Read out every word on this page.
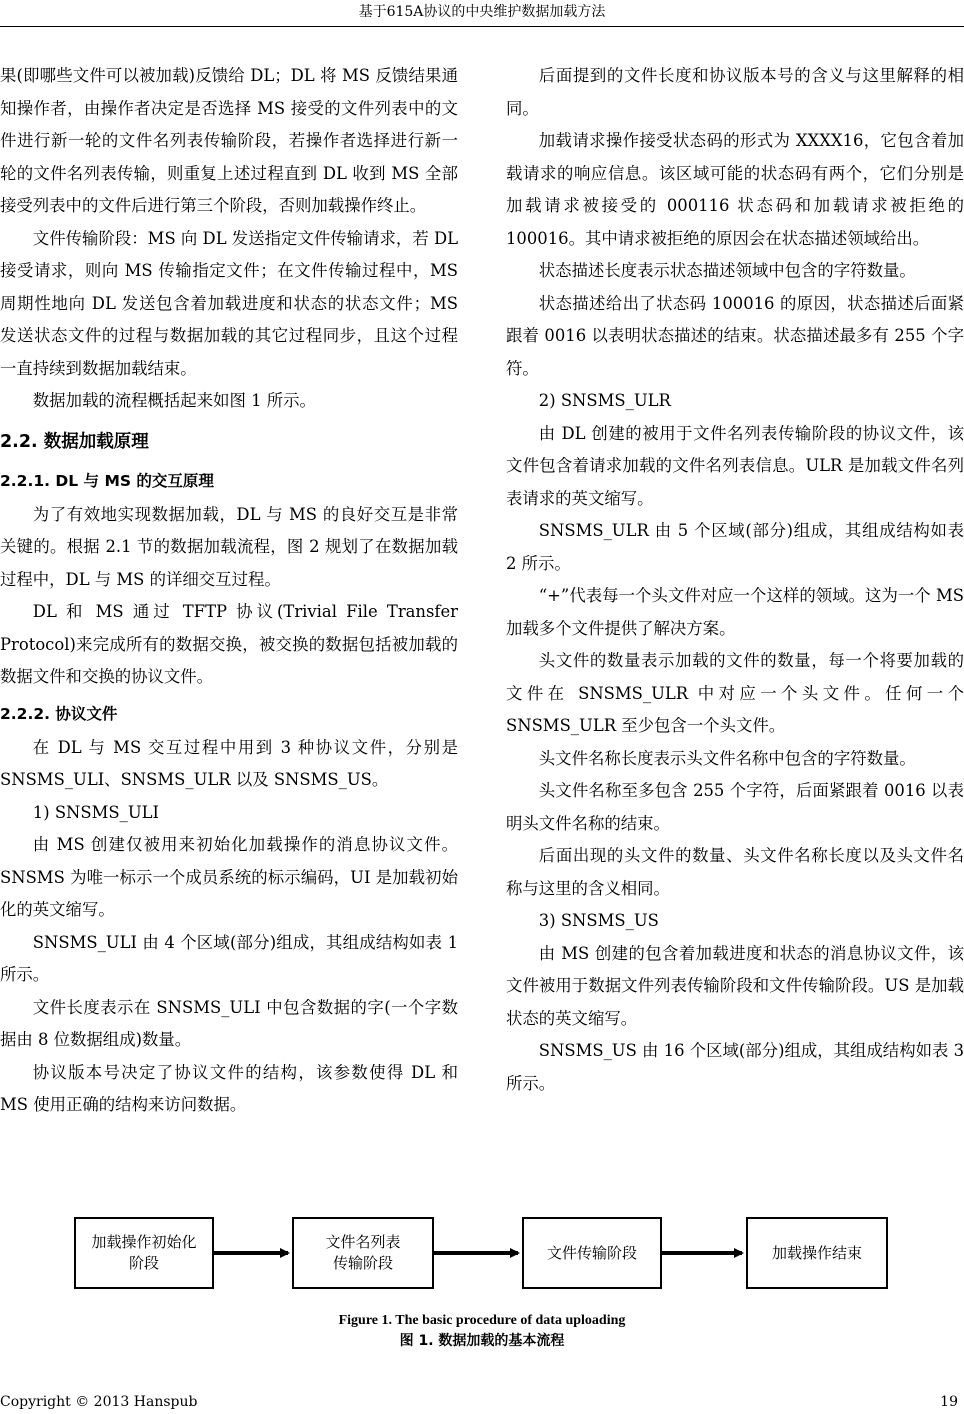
基于615A协议的中央维护数据加载方法

果(即哪些文件可以被加载)反馈给 DL；DL 将 MS 反馈结果通知操作者，由操作者决定是否选择 MS 接受的文件列表中的文件进行新一轮的文件名列表传输阶段，若操作者选择进行新一轮的文件名列表传输，则重复上述过程直到 DL 收到 MS 全部接受列表中的文件后进行第三个阶段，否则加载操作终止。

文件传输阶段：MS 向 DL 发送指定文件传输请求，若 DL 接受请求，则向 MS 传输指定文件；在文件传输过程中，MS 周期性地向 DL 发送包含着加载进度和状态的状态文件；MS 发送状态文件的过程与数据加载的其它过程同步，且这个过程一直持续到数据加载结束。

数据加载的流程概括起来如图 1 所示。

2.2. 数据加载原理
2.2.1. DL 与 MS 的交互原理

为了有效地实现数据加载，DL 与 MS 的良好交互是非常关键的。根据 2.1 节的数据加载流程，图 2 规划了在数据加载过程中，DL 与 MS 的详细交互过程。

DL 和 MS 通过 TFTP 协议(Trivial File Transfer Protocol)来完成所有的数据交换，被交换的数据包括被加载的数据文件和交换的协议文件。

2.2.2. 协议文件

在 DL 与 MS 交互过程中用到 3 种协议文件，分别是 SNSMS_ULI、SNSMS_ULR 以及 SNSMS_US。

1) SNSMS_ULI

由 MS 创建仅被用来初始化加载操作的消息协议文件。SNSMS 为唯一标示一个成员系统的标示编码，UI 是加载初始化的英文缩写。

SNSMS_ULI 由 4 个区域(部分)组成，其组成结构如表 1 所示。

文件长度表示在 SNSMS_ULI 中包含数据的字(一个字数据由 8 位数据组成)数量。

协议版本号决定了协议文件的结构，该参数使得 DL 和 MS 使用正确的结构来访问数据。

后面提到的文件长度和协议版本号的含义与这里解释的相同。

加载请求操作接受状态码的形式为 XXXX16，它包含着加载请求的响应信息。该区域可能的状态码有两个，它们分别是加载请求被接受的 000116 状态码和加载请求被拒绝的 100016。其中请求被拒绝的原因会在状态描述领域给出。

状态描述长度表示状态描述领域中包含的字符数量。

状态描述给出了状态码 100016 的原因，状态描述后面紧跟着 0016 以表明状态描述的结束。状态描述最多有 255 个字符。

2) SNSMS_ULR

由 DL 创建的被用于文件名列表传输阶段的协议文件，该文件包含着请求加载的文件名列表信息。ULR 是加载文件名列表请求的英文缩写。

SNSMS_ULR 由 5 个区域(部分)组成，其组成结构如表 2 所示。

“+”代表每一个头文件对应一个这样的领域。这为一个 MS 加载多个文件提供了解决方案。

头文件的数量表示加载的文件的数量，每一个将要加载的文件在 SNSMS_ULR 中对应一个头文件。任何一个 SNSMS_ULR 至少包含一个头文件。

头文件名称长度表示头文件名称中包含的字符数量。

头文件名称至多包含 255 个字符，后面紧跟着 0016 以表明头文件名称的结束。

后面出现的头文件的数量、头文件名称长度以及头文件名称与这里的含义相同。

3) SNSMS_US

由 MS 创建的包含着加载进度和状态的消息协议文件，该文件被用于数据文件列表传输阶段和文件传输阶段。US 是加载状态的英文缩写。

SNSMS_US 由 16 个区域(部分)组成，其组成结构如表 3 所示。

加载操作初始化
阶段
文件名列表
传输阶段
文件传输阶段	加载操作结束
Figure 1. The basic procedure of data uploading
图 1. 数据加载的基本流程
Copyright © 2013 Hanspub	19
